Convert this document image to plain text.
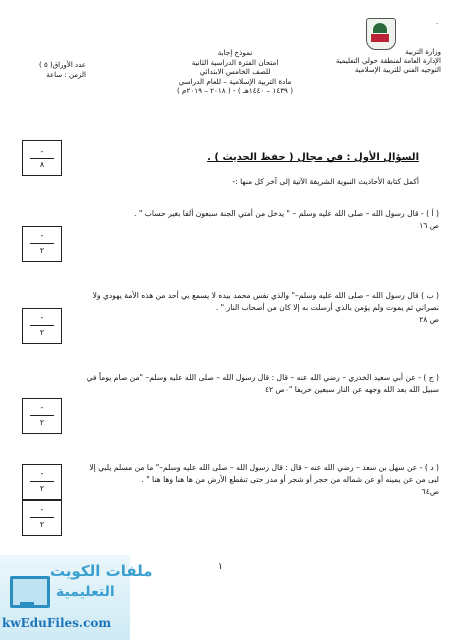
.
وزارة التربية
الإدارة العامة لمنطقة حولي التعليمية
التوجيه الفني للتربية الإسلامية
نموذج إجابة
امتحان الفترة الدراسية الثانية
للصف الخامس الابتدائي
مادة التربية الإسلامية – للعام الدراسي
( ١٤٣٩ – ١٤٤٠هـ ) - ( ٢٠١٨ – ٢٠١٩م )
عدد الأوراق( ٥ )
الزمن : ساعة
-
٨
-
٢
-
٢
-
٢
-
٢
-
٢
السؤال الأول : في مجال ( حفظ الحديث ) .
أكمل كتابة الأحاديث النبوية الشريفة الآتية إلى آخر كل منها :-
( أ ) - قال رسول الله – صلى الله عليه وسلم – " يدخل من أمتي الجنة سبعون ألفا بغير حساب " .
ص ١٦
( ب ) قال رسول الله – صلى الله عليه وسلم–" والذي نفس محمد بيده لا يسمع بي أحد من هذه الأمة يهودي ولا نصراني ثم يموت ولم يؤمن بالذي أرسلت به إلا كان من أصحاب النار " .
ص ٢٨
( ج ) - عن أبي سعيد الخدري – رضي الله عنه – قال : قال رسول الله – صلى الله عليه وسلم– "من صام يوماً في سبيل الله بعد الله وجهه عن النار سبعين خريفا "٠ص ٤٢
( د ) - عن سهل بن سعد – رضي الله عنه – قال : قال رسول الله – صلى الله عليه وسلم–" ما من مسلم يلبي إلا لبى من عن يمينه أو عن شماله من حجر أو شجر أو مدر حتى تنقطع الأرض من ها هنا وها هنا " .
ص٦٤
١
ملفات الكويت
التعليمية
kwEduFiles.com
